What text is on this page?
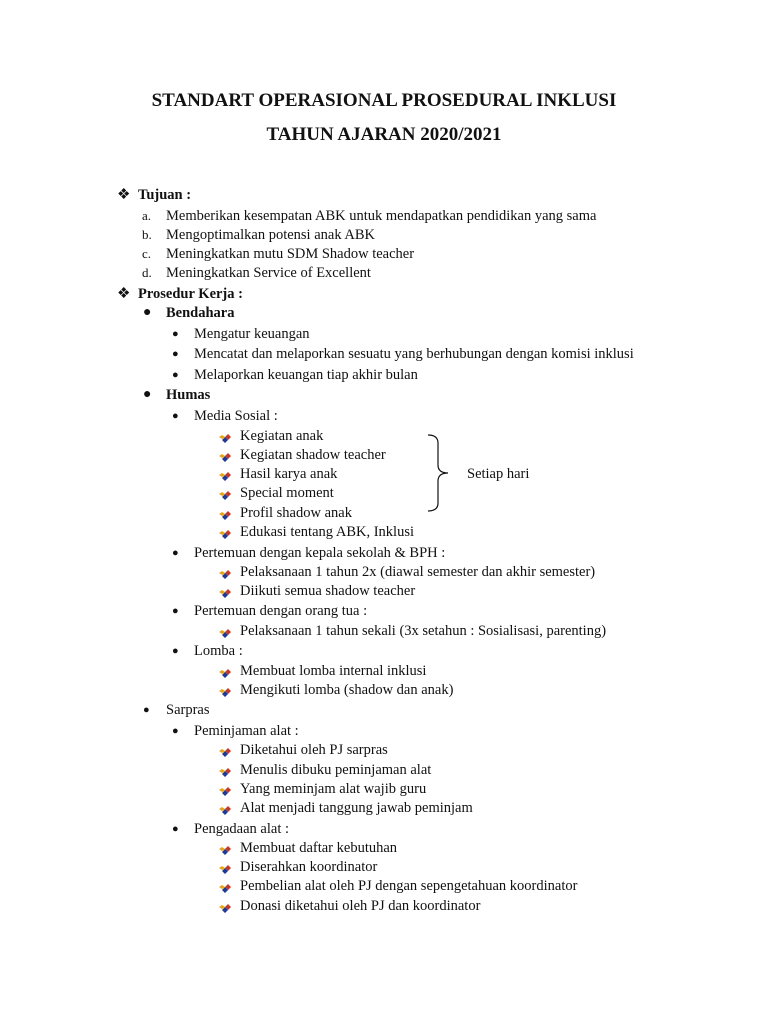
STANDART OPERASIONAL PROSEDURAL INKLUSI
TAHUN AJARAN 2020/2021
❖ Tujuan :
a. Memberikan kesempatan ABK untuk mendapatkan pendidikan yang sama
b. Mengoptimalkan potensi anak ABK
c. Meningkatkan mutu SDM Shadow teacher
d. Meningkatkan Service of Excellent
❖ Prosedur Kerja :
● Bendahara
● Mengatur keuangan
● Mencatat dan melaporkan sesuatu yang berhubungan dengan komisi inklusi
● Melaporkan keuangan tiap akhir bulan
● Humas
● Media Sosial :
Kegiatan anak
Kegiatan shadow teacher
Hasil karya anak
Special moment
Profil shadow anak
Edukasi tentang ABK, Inklusi
Setiap hari
● Pertemuan dengan kepala sekolah & BPH :
Pelaksanaan 1 tahun 2x (diawal semester dan akhir semester)
Diikuti semua shadow teacher
● Pertemuan dengan orang tua :
Pelaksanaan 1 tahun sekali (3x setahun : Sosialisasi, parenting)
● Lomba :
Membuat lomba internal inklusi
Mengikuti lomba (shadow dan anak)
● Sarpras
● Peminjaman alat :
Diketahui oleh PJ sarpras
Menulis dibuku peminjaman alat
Yang meminjam alat wajib guru
Alat menjadi tanggung jawab peminjam
● Pengadaan alat :
Membuat daftar kebutuhan
Diserahkan koordinator
Pembelian alat oleh PJ dengan sepengetahuan koordinator
Donasi diketahui oleh PJ dan koordinator
